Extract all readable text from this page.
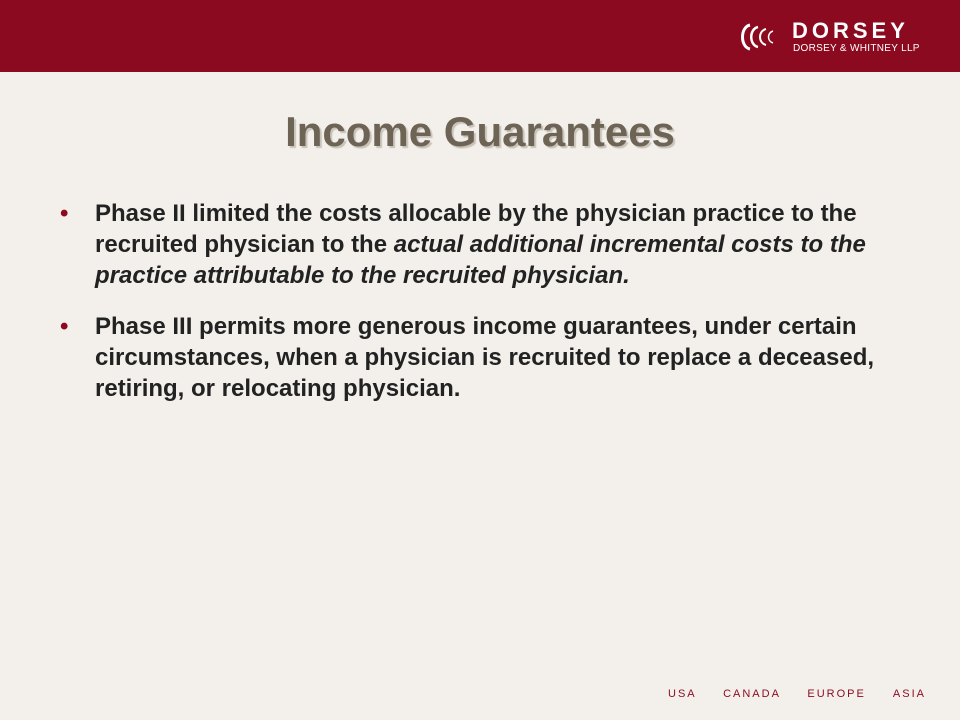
DORSEY
DORSEY & WHITNEY LLP
Income Guarantees
• Phase II limited the costs allocable by the physician practice to the recruited physician to the actual additional incremental costs to the practice attributable to the recruited physician.
• Phase III permits more generous income guarantees, under certain circumstances, when a physician is recruited to replace a deceased, retiring, or relocating physician.
USA CANADA EUROPE ASIA
